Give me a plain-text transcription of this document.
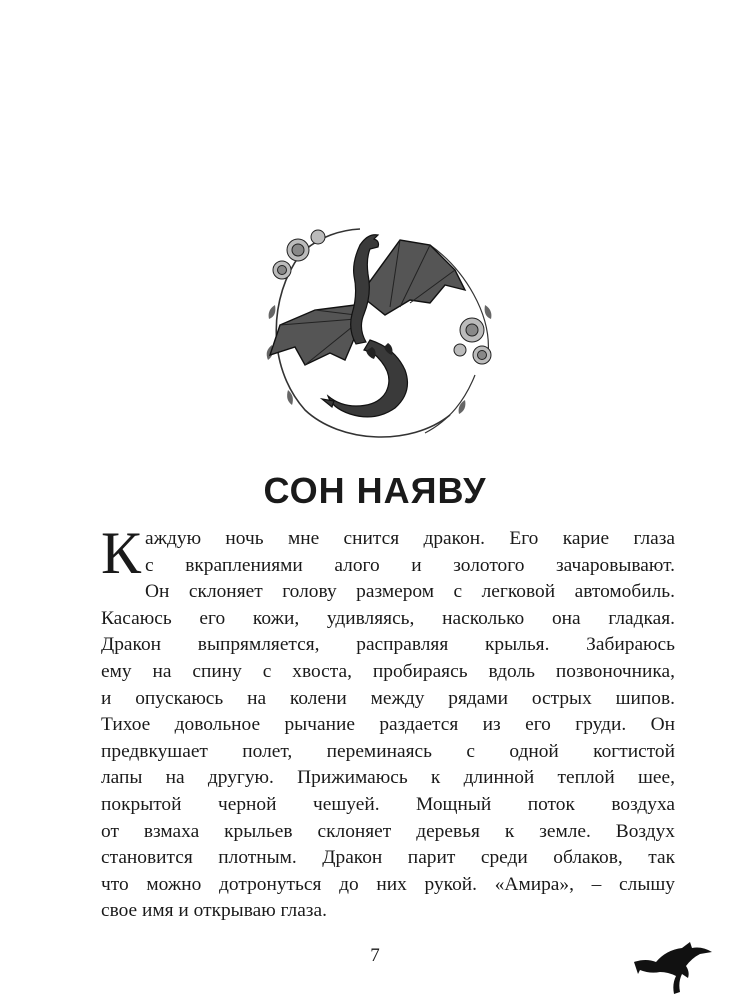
СОН НАЯВУ
К аждую ночь мне снится дракон. Его карие глаза
с вкраплениями алого и золотого зачаровывают.
Он склоняет голову размером с легковой автомобиль.
Касаюсь его кожи, удивляясь, насколько она гладкая.
Дракон выпрямляется, расправляя крылья. Забираюсь
ему на спину с хвоста, пробираясь вдоль позвоночника,
и опускаюсь на колени между рядами острых шипов.
Тихое довольное рычание раздается из его груди. Он
предвкушает полет, переминаясь с одной когтистой
лапы на другую. Прижимаюсь к длинной теплой шее,
покрытой черной чешуей. Мощный поток воздуха
от взмаха крыльев склоняет деревья к земле. Воздух
становится плотным. Дракон парит среди облаков, так
что можно дотронуться до них рукой. «Амира», – слышу
свое имя и открываю глаза.
7
